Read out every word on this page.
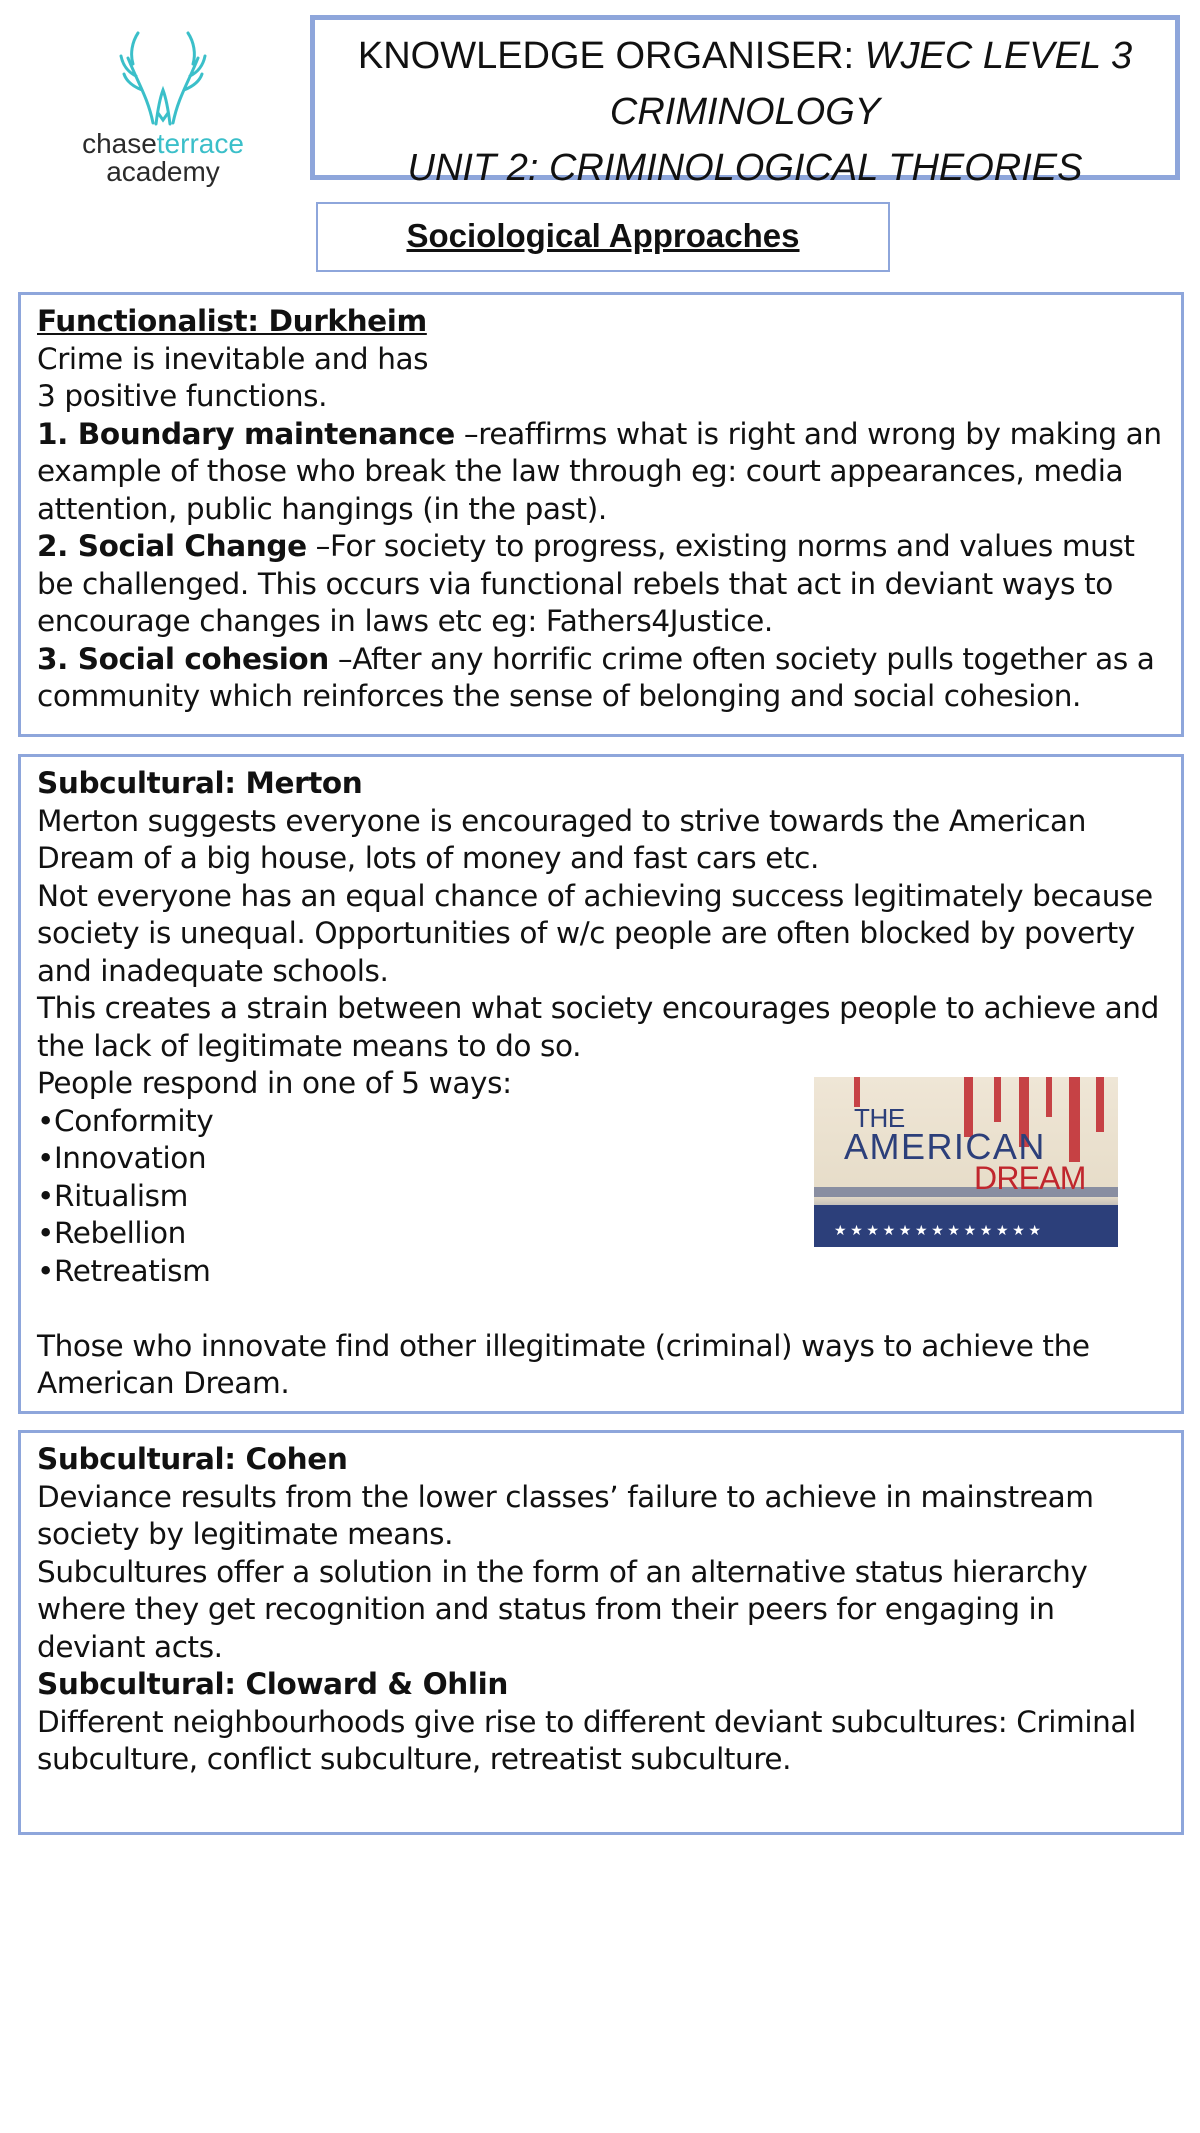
chaseterrace
academy
KNOWLEDGE ORGANISER: WJEC LEVEL 3
CRIMINOLOGY
UNIT 2: CRIMINOLOGICAL THEORIES
Sociological Approaches

Functionalist: Durkheim

Crime is inevitable and has

3 positive functions.

1. Boundary maintenance –reaffirms what is right and wrong by making an example of those who break the law through eg: court appearances, media attention, public hangings (in the past).

2. Social Change –For society to progress, existing norms and values must be challenged. This occurs via functional rebels that act in deviant ways to encourage changes in laws etc eg: Fathers4Justice.

3. Social cohesion –After any horrific crime often society pulls together as a community which reinforces the sense of belonging and social cohesion.

Subcultural: Merton

Merton suggests everyone is encouraged to strive towards the American Dream of a big house, lots of money and fast cars etc.

Not everyone has an equal chance of achieving success legitimately because society is unequal. Opportunities of w/c people are often blocked by poverty and inadequate schools.

This creates a strain between what society encourages people to achieve and the lack of legitimate means to do so.

People respond in one of 5 ways:

•Conformity

•Innovation

•Ritualism

•Rebellion

•Retreatism

Those who innovate find other illegitimate (criminal) ways to achieve the American Dream.

★ ★ ★ ★ ★ ★ ★ ★ ★ ★ ★ ★ ★
THE
AMERICAN
DREAM

Subcultural: Cohen

Deviance results from the lower classes’ failure to achieve in mainstream society by legitimate means.

Subcultures offer a solution in the form of an alternative status hierarchy where they get recognition and status from their peers for engaging in deviant acts.

Subcultural: Cloward & Ohlin

Different neighbourhoods give rise to different deviant subcultures: Criminal subculture, conflict subculture, retreatist subculture.
